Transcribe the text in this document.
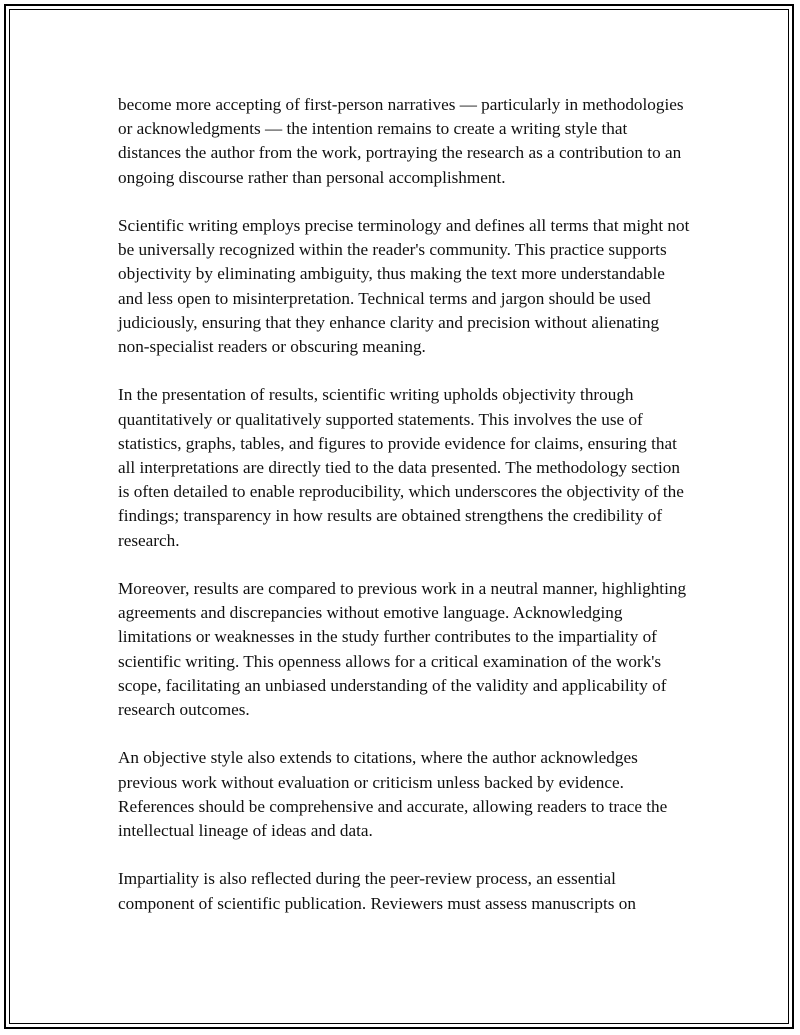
become more accepting of first-person narratives — particularly in methodologies or acknowledgments — the intention remains to create a writing style that distances the author from the work, portraying the research as a contribution to an ongoing discourse rather than personal accomplishment.

Scientific writing employs precise terminology and defines all terms that might not be universally recognized within the reader's community. This practice supports objectivity by eliminating ambiguity, thus making the text more understandable and less open to misinterpretation. Technical terms and jargon should be used judiciously, ensuring that they enhance clarity and precision without alienating non-specialist readers or obscuring meaning.

In the presentation of results, scientific writing upholds objectivity through quantitatively or qualitatively supported statements. This involves the use of statistics, graphs, tables, and figures to provide evidence for claims, ensuring that all interpretations are directly tied to the data presented. The methodology section is often detailed to enable reproducibility, which underscores the objectivity of the findings; transparency in how results are obtained strengthens the credibility of research.

Moreover, results are compared to previous work in a neutral manner, highlighting agreements and discrepancies without emotive language. Acknowledging limitations or weaknesses in the study further contributes to the impartiality of scientific writing. This openness allows for a critical examination of the work's scope, facilitating an unbiased understanding of the validity and applicability of research outcomes.

An objective style also extends to citations, where the author acknowledges previous work without evaluation or criticism unless backed by evidence. References should be comprehensive and accurate, allowing readers to trace the intellectual lineage of ideas and data.

Impartiality is also reflected during the peer-review process, an essential component of scientific publication. Reviewers must assess manuscripts on
